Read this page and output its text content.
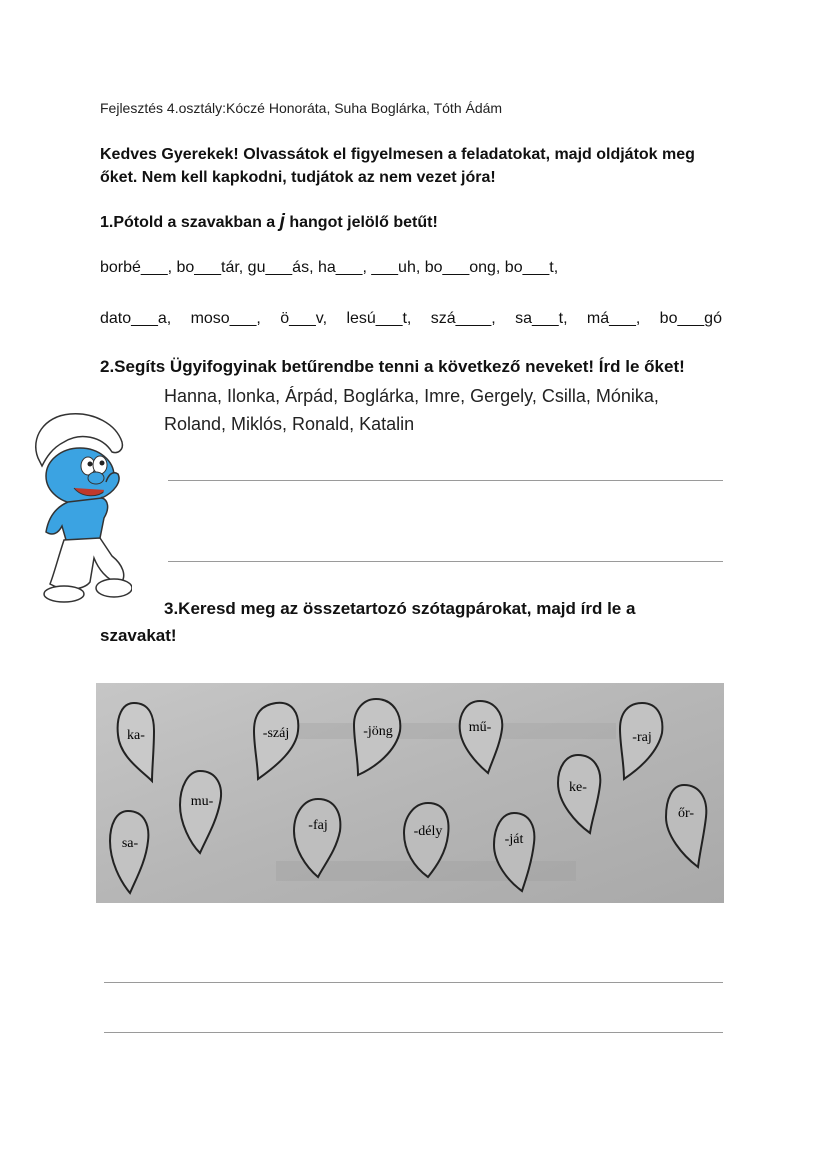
Fejlesztés 4.osztály:Kóczé Honoráta, Suha Boglárka, Tóth Ádám
Kedves Gyerekek! Olvassátok el figyelmesen a feladatokat, majd oldjátok meg őket. Nem kell kapkodni, tudjátok az nem vezet jóra!
1.Pótold a szavakban a j hangot jelölő betűt!
borbé___, bo___tár, gu___ás, ha___, ___uh, bo___ong, bo___t,
dato___a, moso___, ö___v, lesú___t, szá____, sa___t, má___, bo___gó
2.Segíts Ügyifogyinak betűrendbe tenni a következő neveket! Írd le őket!
Hanna, Ilonka, Árpád, Boglárka, Imre, Gergely, Csilla, Mónika, Roland, Miklós, Ronald, Katalin
3.Keresd meg az összetartozó szótagpárokat, majd írd le a
szavakat!
ka-	-száj	-jöng	mű-
-raj
mu-
ke-
sa-
-faj	-dély
-ját
őr-
